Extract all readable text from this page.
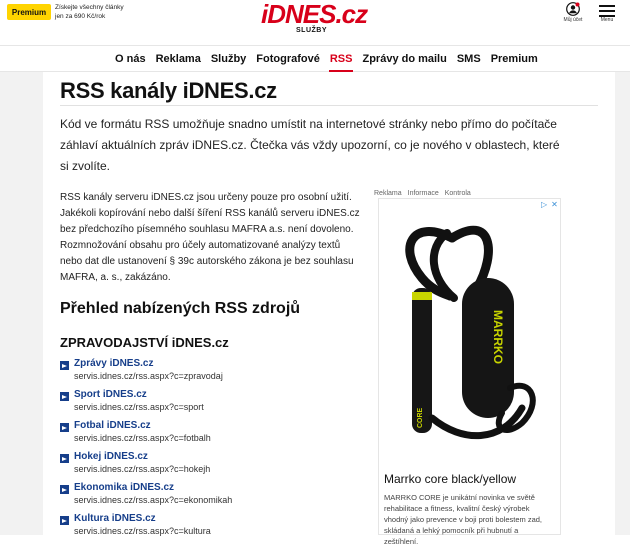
Premium	Získejte všechny články jen za 690 Kč/rok	iDNES.cz
SLUŽBY
Můj účet	Menu
O nás Reklama Služby Fotografové RSS Zprávy do mailu SMS Premium
RSS kanály iDNES.cz

Kód ve formátu RSS umožňuje snadno umístit na internetové stránky nebo přímo do počítače záhlaví aktuálních zpráv iDNES.cz. Čtečka vás vždy upozorní, co je nového v oblastech, které si zvolíte.

RSS kanály serveru iDNES.cz jsou určeny pouze pro osobní užití. Jakékoli kopírování nebo další šíření RSS kanálů serveru iDNES.cz bez předchozího písemného souhlasu MAFRA a.s. není dovoleno. Rozmnožování obsahu pro účely automatizované analýzy textů nebo dat dle ustanovení § 39c autorského zákona je bez souhlasu MAFRA, a. s., zakázáno.

Přehled nabízených RSS zdrojů
ZPRAVODAJSTVÍ iDNES.cz
Zprávy iDNES.cz
servis.idnes.cz/rss.aspx?c=zpravodaj
Sport iDNES.cz
servis.idnes.cz/rss.aspx?c=sport
Fotbal iDNES.cz
servis.idnes.cz/rss.aspx?c=fotbalh
Hokej iDNES.cz
servis.idnes.cz/rss.aspx?c=hokejh
Ekonomika iDNES.cz
servis.idnes.cz/rss.aspx?c=ekonomikah
Kultura iDNES.cz
servis.idnes.cz/rss.aspx?c=kultura
Reklama Informace Kontrola
▷ ✕
CORE
MARRKO
Marrko core black/yellow
MARRKO CORE je unikátní novinka ve světě rehabilitace a fitness, kvalitní český výrobek vhodný jako prevence v boji proti bolestem zad, skládaná a lehký pomocník při hubnutí a zeštíhlení.
